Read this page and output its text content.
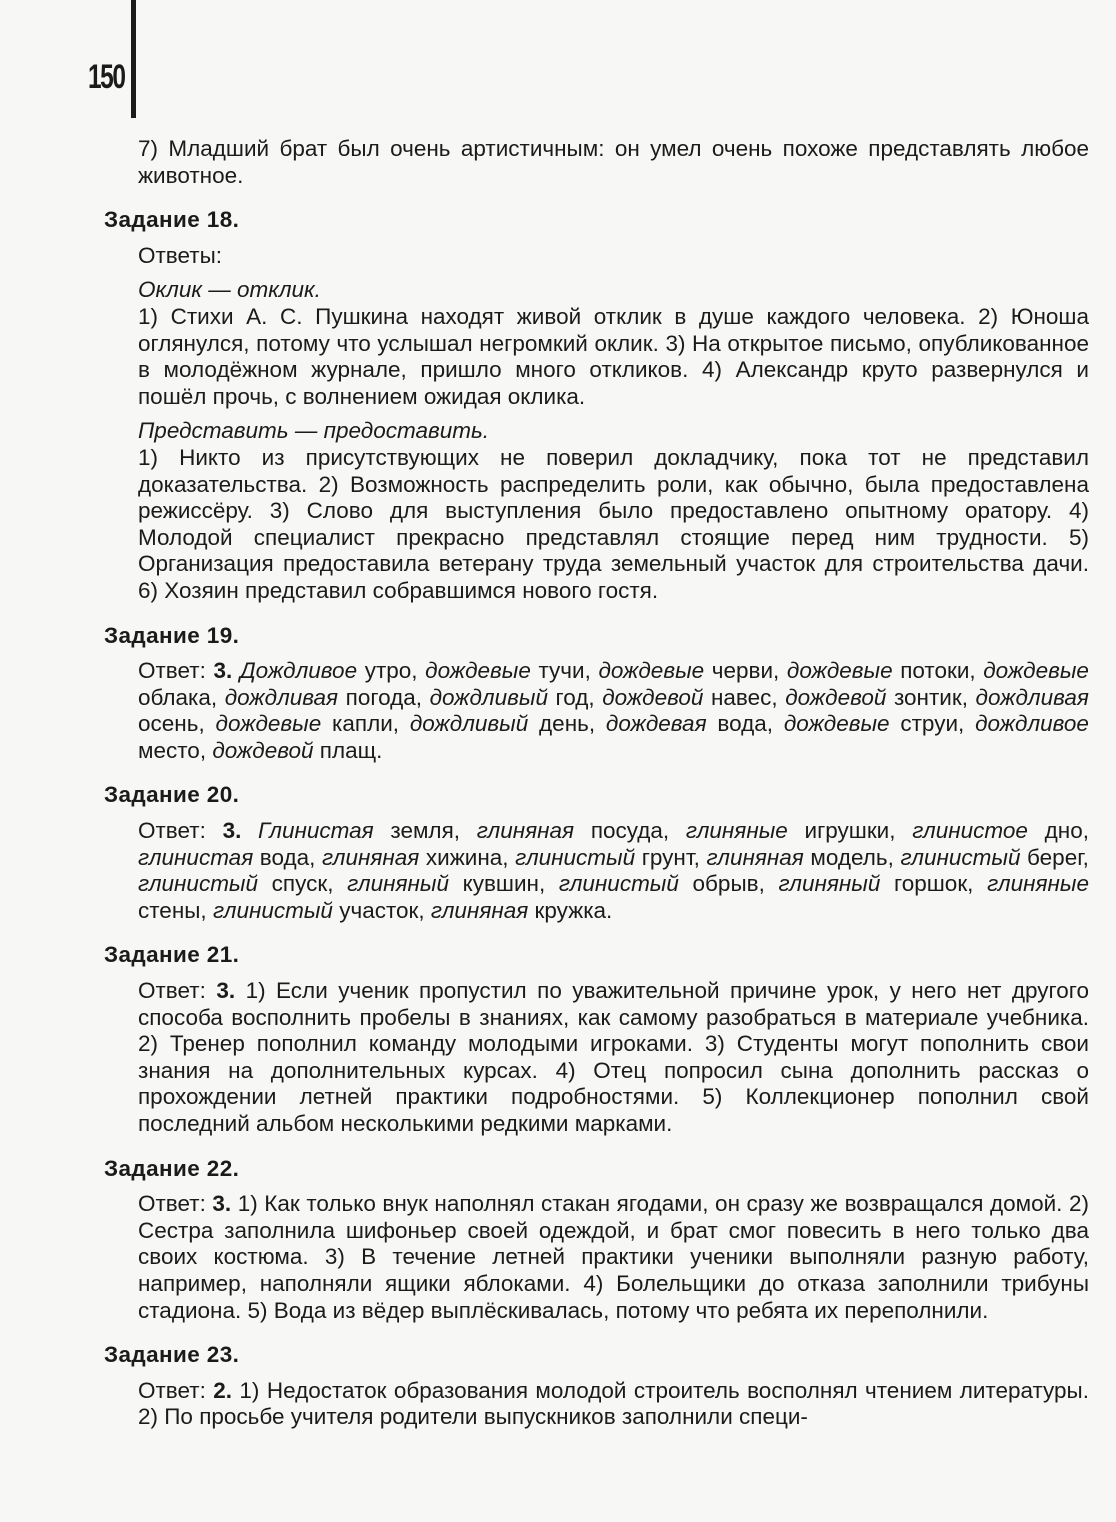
150

7) Младший брат был очень артистичным: он умел очень похоже представлять любое животное.

Задание 18.

Ответы:

Оклик — отклик.

1) Стихи А. С. Пушкина находят живой отклик в душе каждого человека. 2) Юноша оглянулся, потому что услышал негромкий оклик. 3) На открытое письмо, опубликованное в молодёжном журнале, пришло много откликов. 4) Александр круто развернулся и пошёл прочь, с волнением ожидая оклика.

Представить — предоставить.

1) Никто из присутствующих не поверил докладчику, пока тот не представил доказательства. 2) Возможность распределить роли, как обычно, была предоставлена режиссёру. 3) Слово для выступления было предоставлено опытному оратору. 4) Молодой специалист прекрасно представлял стоящие перед ним трудности. 5) Организация предоставила ветерану труда земельный участок для строительства дачи. 6) Хозяин представил собравшимся нового гостя.

Задание 19.

Ответ: 3. Дождливое утро, дождевые тучи, дождевые черви, дождевые потоки, дождевые облака, дождливая погода, дождливый год, дождевой навес, дождевой зонтик, дождливая осень, дождевые капли, дождливый день, дождевая вода, дождевые струи, дождливое место, дождевой плащ.

Задание 20.

Ответ: 3. Глинистая земля, глиняная посуда, глиняные игрушки, глинистое дно, глинистая вода, глиняная хижина, глинистый грунт, глиняная модель, глинистый берег, глинистый спуск, глиняный кувшин, глинистый обрыв, глиняный горшок, глиняные стены, глинистый участок, глиняная кружка.

Задание 21.

Ответ: 3. 1) Если ученик пропустил по уважительной причине урок, у него нет другого способа восполнить пробелы в знаниях, как самому разобраться в материале учебника. 2) Тренер пополнил команду молодыми игроками. 3) Студенты могут пополнить свои знания на дополнительных курсах. 4) Отец попросил сына дополнить рассказ о прохождении летней практики подробностями. 5) Коллекционер пополнил свой последний альбом несколькими редкими марками.

Задание 22.

Ответ: 3. 1) Как только внук наполнял стакан ягодами, он сразу же возвращался домой. 2) Сестра заполнила шифоньер своей одеждой, и брат смог повесить в него только два своих костюма. 3) В течение летней практики ученики выполняли разную работу, например, наполняли ящики яблоками. 4) Болельщики до отказа заполнили трибуны стадиона. 5) Вода из вёдер выплёскивалась, потому что ребята их переполнили.

Задание 23.

Ответ: 2. 1) Недостаток образования молодой строитель восполнял чтением литературы. 2) По просьбе учителя родители выпускников заполнили специ-
